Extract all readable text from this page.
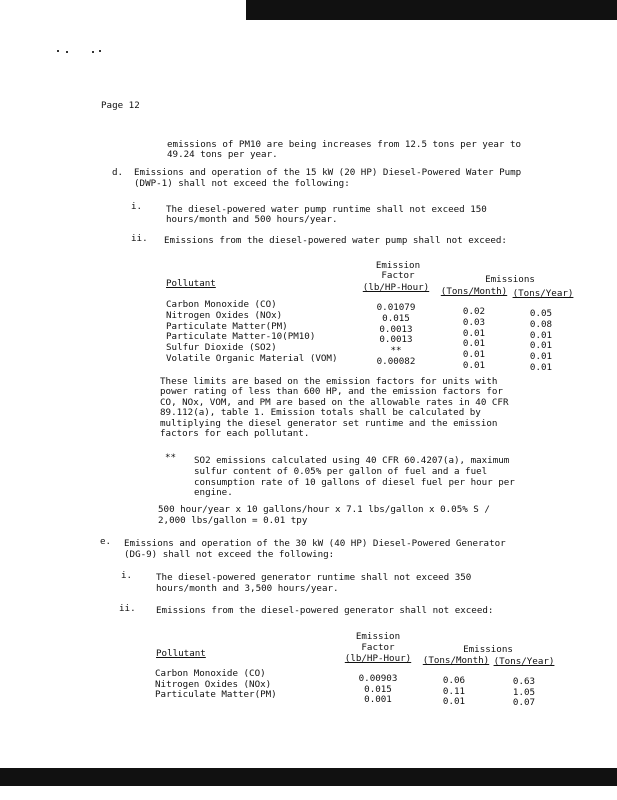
Page 12
emissions of PM10 are being increases from 12.5 tons per year to
49.24 tons per year.
d. Emissions and operation of the 15 kW (20 HP) Diesel-Powered Water Pump
(DWP-1) shall not exceed the following:
i.	The diesel-powered water pump runtime shall not exceed 150
hours/month and 500 hours/year.
ii. Emissions from the diesel-powered water pump shall not exceed:
Emission
Factor
(lb/HP-Hour)
Pollutant	Emissions
(Tons/Month) (Tons/Year)
Carbon Monoxide (CO)	0.01079	0.02	0.05
Nitrogen Oxides (NOx)	0.015	0.03	0.08
Particulate Matter(PM)	0.0013	0.01	0.01
Particulate Matter-10(PM10)	0.0013	0.01	0.01
Sulfur Dioxide (SO2)	**	0.01	0.01
Volatile Organic Material (VOM)	0.00082	0.01	0.01
These limits are based on the emission factors for units with
power rating of less than 600 HP, and the emission factors for
CO, NOx, VOM, and PM are based on the allowable rates in 40 CFR
89.112(a), table 1. Emission totals shall be calculated by
multiplying the diesel generator set runtime and the emission
factors for each pollutant.
** SO2 emissions calculated using 40 CFR 60.4207(a), maximum
sulfur content of 0.05% per gallon of fuel and a fuel
consumption rate of 10 gallons of diesel fuel per hour per
engine.
500 hour/year x 10 gallons/hour x 7.1 lbs/gallon x 0.05% S /
2,000 lbs/gallon = 0.01 tpy
e. Emissions and operation of the 30 kW (40 HP) Diesel-Powered Generator
(DG-9) shall not exceed the following:
i.	The diesel-powered generator runtime shall not exceed 350
hours/month and 3,500 hours/year.
ii. Emissions from the diesel-powered generator shall not exceed:
Emission
Factor
(lb/HP-Hour)
Pollutant	Emissions
(Tons/Month) (Tons/Year)
Carbon Monoxide (CO)	0.00903	0.06	0.63
Nitrogen Oxides (NOx)	0.015	0.11	1.05
Particulate Matter(PM)	0.001	0.01	0.07
